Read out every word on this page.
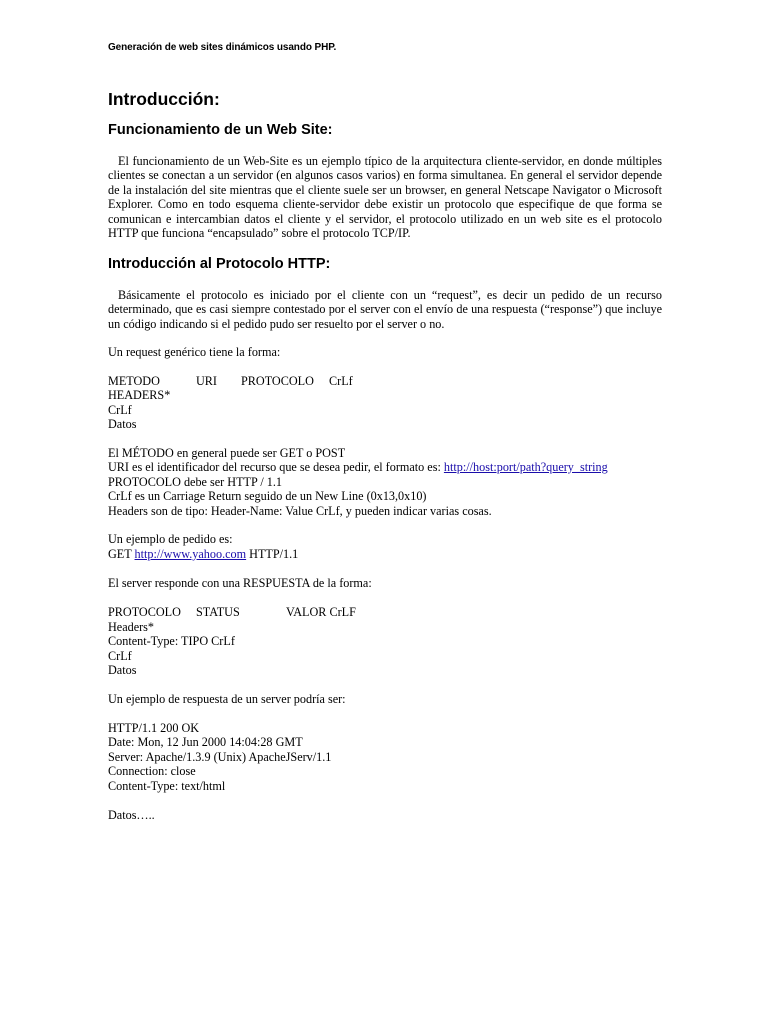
Generación de web sites dinámicos usando PHP.
Introducción:
Funcionamiento de un Web Site:

El funcionamiento de un Web-Site es un ejemplo típico de la arquitectura cliente-servidor, en donde múltiples clientes se conectan a un servidor (en algunos casos varios) en forma simultanea. En general el servidor depende de la instalación del site mientras que el cliente suele ser un browser, en general Netscape Navigator o Microsoft Explorer. Como en todo esquema cliente-servidor debe existir un protocolo que especifique de que forma se comunican e intercambian datos el cliente y el servidor, el protocolo utilizado en un web site es el protocolo HTTP que funciona “encapsulado” sobre el protocolo TCP/IP.

Introducción al Protocolo HTTP:

Básicamente el protocolo es iniciado por el cliente con un “request”, es decir un pedido de un recurso determinado, que es casi siempre contestado por el server con el envío de una respuesta (“response”) que incluye un código indicando si el pedido pudo ser resuelto por el server o no.

Un request genérico tiene la forma:

METODO

	URI

PROTOCOLO

CrLf

HEADERS*
CrLf
Datos
El MÉTODO en general puede ser GET o POST
URI es el identificador del recurso que se desea pedir, el formato es: http://host:port/path?query_string
PROTOCOLO debe ser HTTP / 1.1
CrLf es un Carriage Return seguido de un New Line (0x13,0x10)
Headers son de tipo: Header-Name: Value CrLf, y pueden indicar varias cosas.
Un ejemplo de pedido es:
GET http://www.yahoo.com HTTP/1.1
El server responde con una RESPUESTA de la forma:

PROTOCOLO

STATUS

	VALOR CrLF

Headers*
Content-Type: TIPO CrLf
CrLf
Datos
Un ejemplo de respuesta de un server podría ser:
HTTP/1.1 200 OK
Date: Mon, 12 Jun 2000 14:04:28 GMT
Server: Apache/1.3.9 (Unix) ApacheJServ/1.1
Connection: close
Content-Type: text/html
Datos…..
